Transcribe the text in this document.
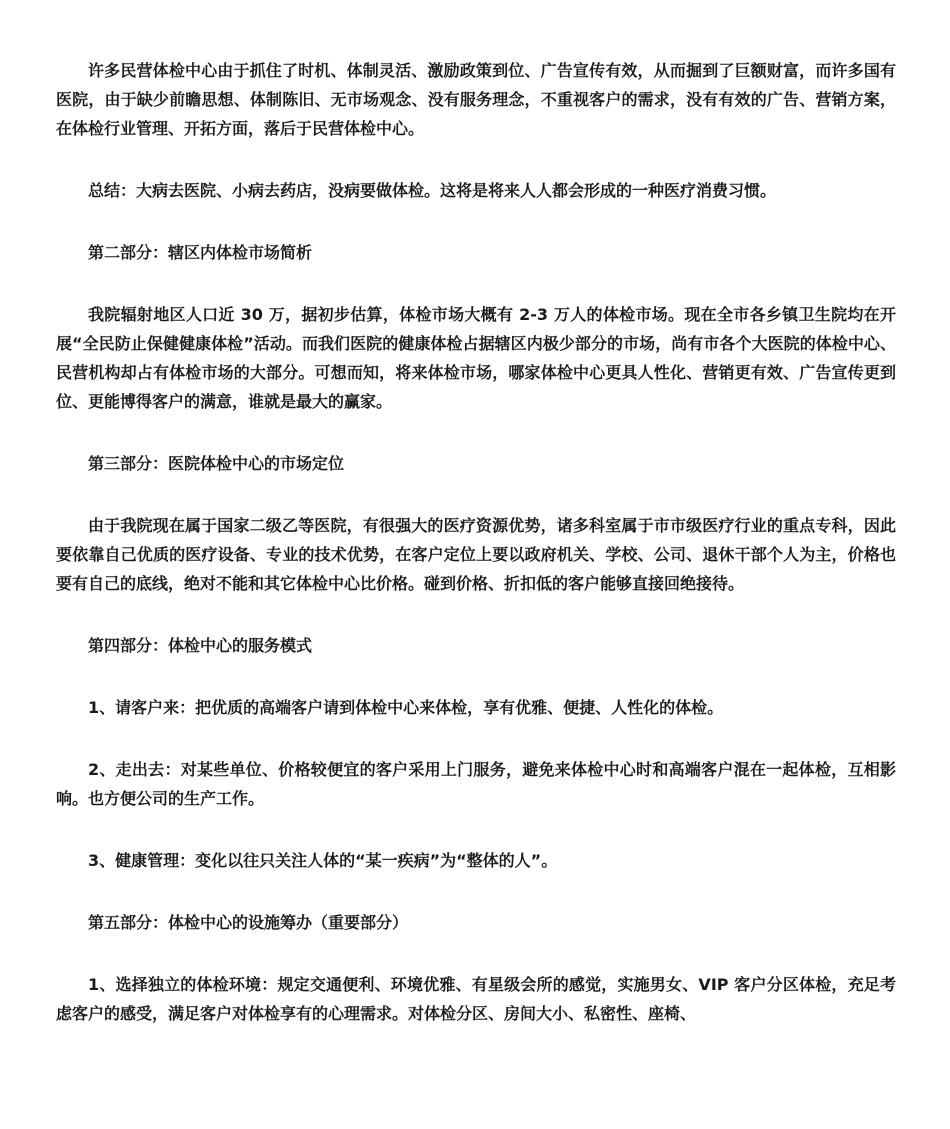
许多民营体检中心由于抓住了时机、体制灵活、激励政策到位、广告宣传有效，从而掘到了巨额财富，而许多国有医院，由于缺少前瞻思想、体制陈旧、无市场观念、没有服务理念，不重视客户的需求，没有有效的广告、营销方案，在体检行业管理、开拓方面，落后于民营体检中心。

总结：大病去医院、小病去药店，没病要做体检。这将是将来人人都会形成的一种医疗消费习惯。

第二部分：辖区内体检市场简析

我院辐射地区人口近 30 万，据初步估算，体检市场大概有 2-3 万人的体检市场。现在全市各乡镇卫生院均在开展“全民防止保健健康体检”活动。而我们医院的健康体检占据辖区内极少部分的市场，尚有市各个大医院的体检中心、民营机构却占有体检市场的大部分。可想而知，将来体检市场，哪家体检中心更具人性化、营销更有效、广告宣传更到位、更能博得客户的满意，谁就是最大的赢家。

第三部分：医院体检中心的市场定位

由于我院现在属于国家二级乙等医院，有很强大的医疗资源优势，诸多科室属于市市级医疗行业的重点专科，因此要依靠自己优质的医疗设备、专业的技术优势，在客户定位上要以政府机关、学校、公司、退休干部个人为主，价格也要有自己的底线，绝对不能和其它体检中心比价格。碰到价格、折扣低的客户能够直接回绝接待。

第四部分：体检中心的服务模式

1、请客户来：把优质的高端客户请到体检中心来体检，享有优雅、便捷、人性化的体检。

2、走出去：对某些单位、价格较便宜的客户采用上门服务，避免来体检中心时和高端客户混在一起体检，互相影响。也方便公司的生产工作。

3、健康管理：变化以往只关注人体的“某一疾病”为“整体的人”。

第五部分：体检中心的设施筹办（重要部分）

1、选择独立的体检环境：规定交通便利、环境优雅、有星级会所的感觉，实施男女、VIP 客户分区体检，充足考虑客户的感受，满足客户对体检享有的心理需求。对体检分区、房间大小、私密性、座椅、
